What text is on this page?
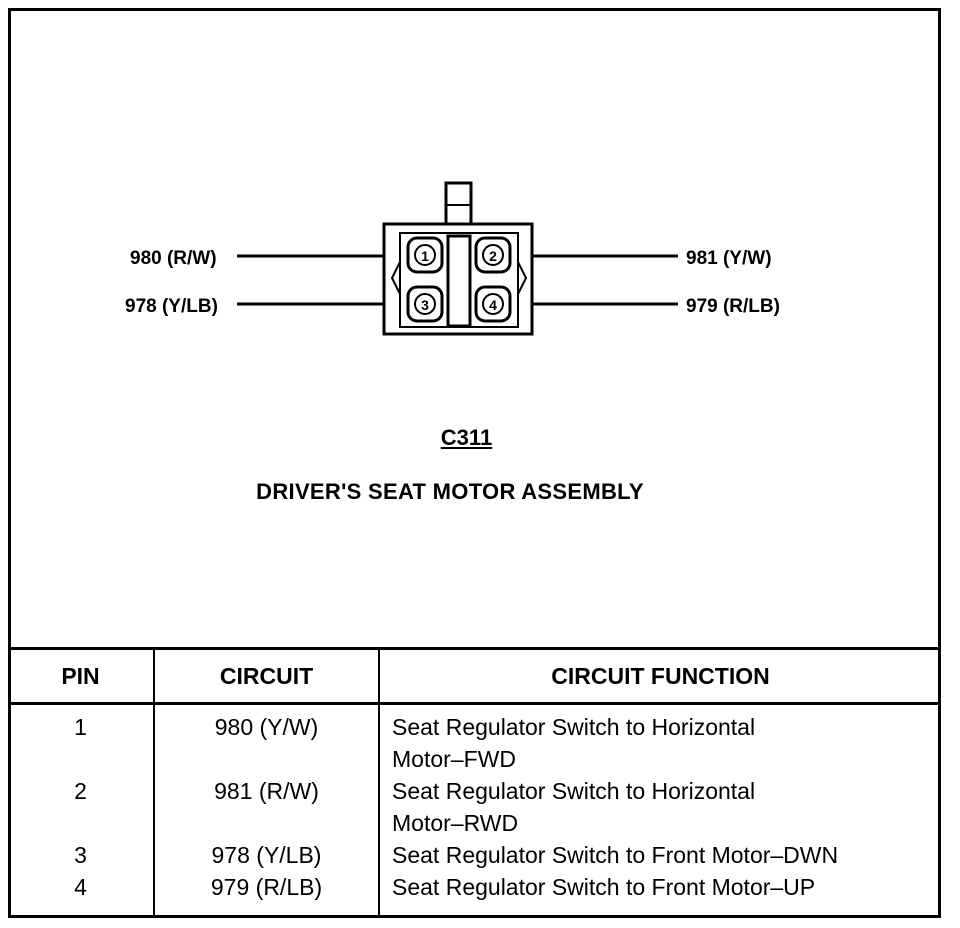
1	2
3	4
980 (R/W)
978 (Y/LB)
981 (Y/W)
979 (R/LB)
C311
DRIVER'S SEAT MOTOR ASSEMBLY
PIN	CIRCUIT	CIRCUIT FUNCTION
1	980 (Y/W)	Seat Regulator Switch to Horizontal
Motor–FWD

2	981 (R/W)	Seat Regulator Switch to Horizontal
Motor–RWD

3	978 (Y/LB)	Seat Regulator Switch to Front Motor–DWN

4	979 (R/LB)	Seat Regulator Switch to Front Motor–UP
